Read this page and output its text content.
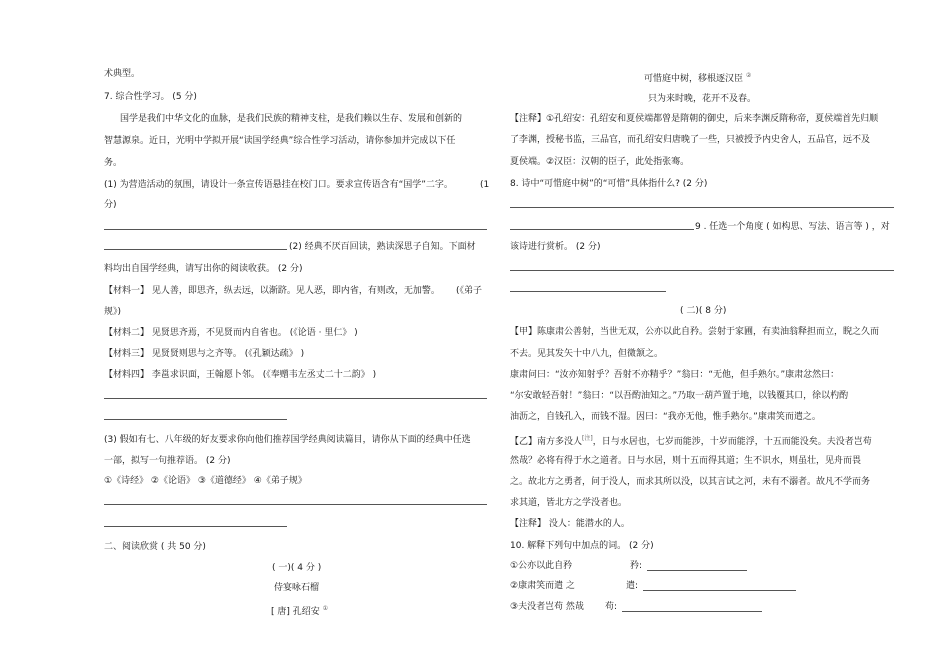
术典型。
7. 综合性学习。 (5 分)
国学是我们中华文化的血脉，是我们民族的精神支柱，是我们赖以生存、发展和创新的
智慧源泉。近日，光明中学拟开展“读国学经典”综合性学习活动，请你参加并完成以下任
务。
(1) 为营造活动的氛围，请设计一条宣传语悬挂在校门口。要求宣传语含有“国学”二字。	(1
分)
(2) 经典不厌百回读，熟读深思子自知。下面材
料均出自国学经典，请写出你的阅读收获。 (2 分)
【材料一】 见人善，即思齐，纵去远，以渐跻。见人恶，即内省，有则改，无加警。 (《弟子
规》)
【材料二】 见贤思齐焉，不见贤而内自省也。 (《论语 · 里仁》 )
【材料三】 见贤贤则思与之齐等。 (《孔颖达疏》 )
【材料四】 李邕求识面，王翰愿卜邻。 (《奉赠韦左丞丈二十二韵》 )
(3) 假如有七、八年级的好友要求你向他们推荐国学经典阅读篇目，请你从下面的经典中任选
一部，拟写一句推荐语。 (2 分)
①《诗经》 ②《论语》 ③《道德经》 ④《弟子规》
二、阅读欣赏 ( 共 50 分)
( 一)( 4 分 )
侍宴咏石榴
[ 唐] 孔绍安 ①
可惜庭中树，移根逐汉臣 ②
只为来时晚，花开不及春。
【注释】①孔绍安：孔绍安和夏侯端都曾是隋朝的御史，后来李渊反隋称帝，夏侯端首先归顺
了李渊，授秘书监，三品官，而孔绍安归唐晚了一些，只被授予内史舍人，五品官，远不及
夏侯端。②汉臣：汉朝的臣子，此处指张骞。
8. 诗中“可惜庭中树”的“可惜”具体指什么? (2 分)
9 . 任选一个角度 ( 如构思、写法、语言等 ) ，对
该诗进行赏析。 (2 分)
( 二)( 8 分)
【甲】陈康肃公善射，当世无双，公亦以此自矜。尝射于家圃，有卖油翁释担而立，睨之久而
不去。见其发矢十中八九，但微颔之。
康肃问曰：“汝亦知射乎？吾射不亦精乎？”翁曰：“无他，但手熟尔。”康肃忿然曰：
“尔安敢轻吾射！”翁曰：“以吾酌油知之。”乃取一葫芦置于地，以钱覆其口，徐以杓酌
油沥之，自钱孔入，而钱不湿。因曰：“我亦无他，惟手熟尔。”康肃笑而遣之。
【乙】南方多没人[注]，日与水居也，七岁而能涉，十岁而能浮，十五而能没矣。夫没者岂苟
然哉？必将有得于水之道者。日与水居，则十五而得其道；生不识水，则虽壮，见舟而畏
之。故北方之勇者，问于没人，而求其所以没，以其言试之河，未有不溺者。故凡不学而务
求其道，皆北方之学没者也。
【注释】 没人：能潜水的人。
10. 解释下列句中加点的词。 (2 分)
①公亦以此自矜	矜:
②康肃笑而遣 之	遣:
③夫没者岂苟 然哉 苟:
